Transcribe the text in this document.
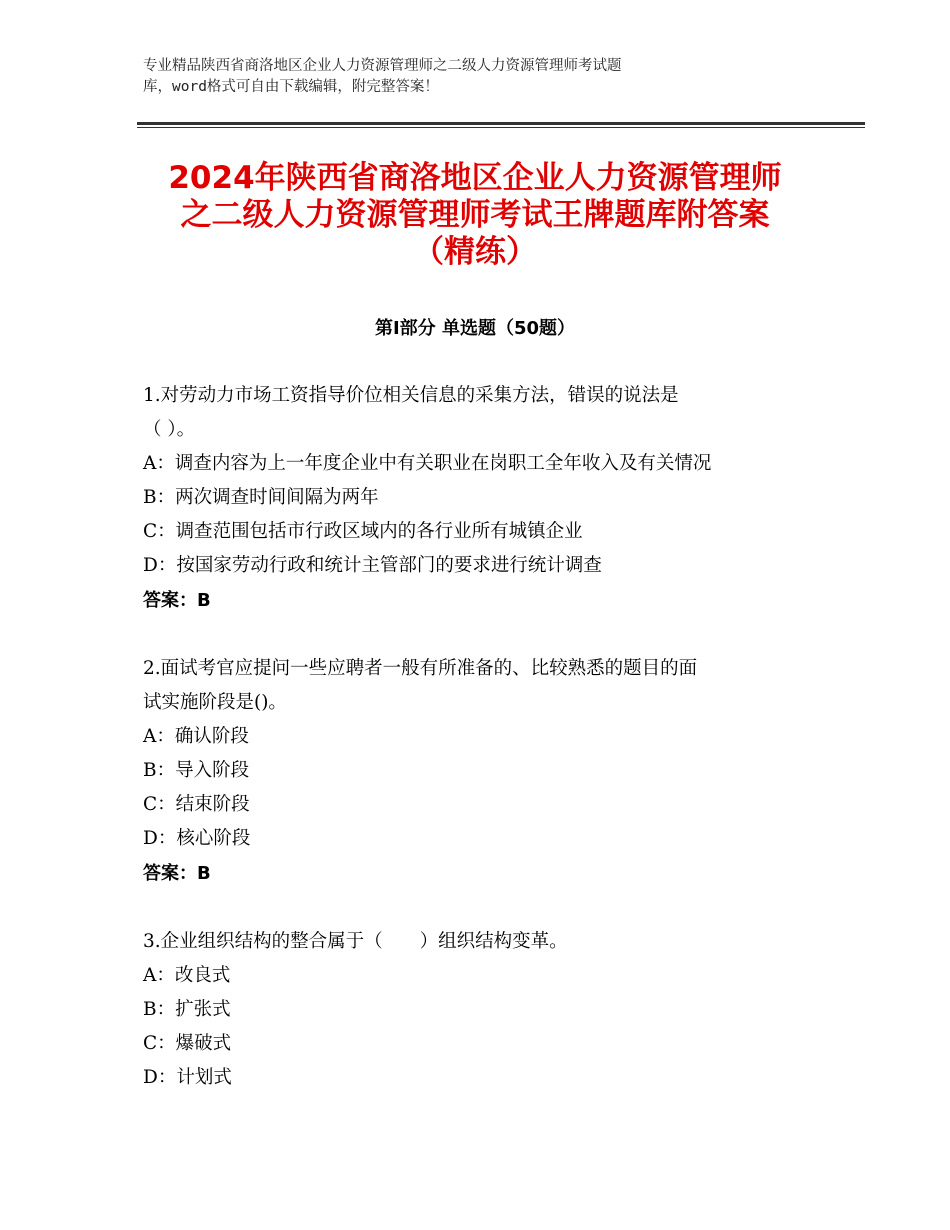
专业精品陕西省商洛地区企业人力资源管理师之二级人力资源管理师考试题
库，word格式可自由下载编辑，附完整答案！
2024年陕西省商洛地区企业人力资源管理师
之二级人力资源管理师考试王牌题库附答案
（精练）
第Ⅰ部分 单选题（50题）
1.对劳动力市场工资指导价位相关信息的采集方法，错误的说法是
（ ）。
A：调查内容为上一年度企业中有关职业在岗职工全年收入及有关情况
B：两次调查时间间隔为两年
C：调查范围包括市行政区域内的各行业所有城镇企业
D：按国家劳动行政和统计主管部门的要求进行统计调查
答案：B
2.面试考官应提问一些应聘者一般有所准备的、比较熟悉的题目的面
试实施阶段是()。
A：确认阶段
B：导入阶段
C：结束阶段
D：核心阶段
答案：B
3.企业组织结构的整合属于（　　）组织结构变革。
A：改良式
B：扩张式
C：爆破式
D：计划式
